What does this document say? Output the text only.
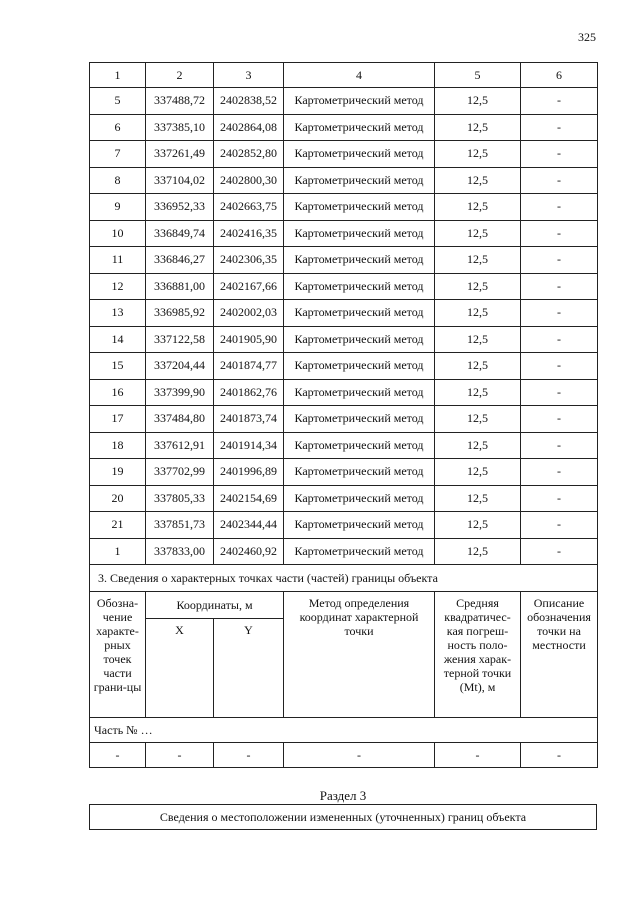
325
1	2	3	4	5	6
5	337488,72	2402838,52	Картометрический метод	12,5	-
6	337385,10	2402864,08	Картометрический метод	12,5	-
7	337261,49	2402852,80	Картометрический метод	12,5	-
8	337104,02	2402800,30	Картометрический метод	12,5	-
9	336952,33	2402663,75	Картометрический метод	12,5	-
10	336849,74	2402416,35	Картометрический метод	12,5	-
11	336846,27	2402306,35	Картометрический метод	12,5	-
12	336881,00	2402167,66	Картометрический метод	12,5	-
13	336985,92	2402002,03	Картометрический метод	12,5	-
14	337122,58	2401905,90	Картометрический метод	12,5	-
15	337204,44	2401874,77	Картометрический метод	12,5	-
16	337399,90	2401862,76	Картометрический метод	12,5	-
17	337484,80	2401873,74	Картометрический метод	12,5	-
18	337612,91	2401914,34	Картометрический метод	12,5	-
19	337702,99	2401996,89	Картометрический метод	12,5	-
20	337805,33	2402154,69	Картометрический метод	12,5	-
21	337851,73	2402344,44	Картометрический метод	12,5	-
1	337833,00	2402460,92	Картометрический метод	12,5	-
3. Сведения о характерных точках части (частей) границы объекта					
Обозна-чение характе-рных точек части грани-цы	Координаты, м		Метод определения координат характерной точки	Средняя квадратичес-кая погреш-ность поло-жения харак-терной точки (Mt), м	Описание обозначения точки на местности
	X	Y			
Часть № …					
-	-	-	-	-	-
Раздел 3
Сведения о местоположении измененных (уточненных) границ объекта
